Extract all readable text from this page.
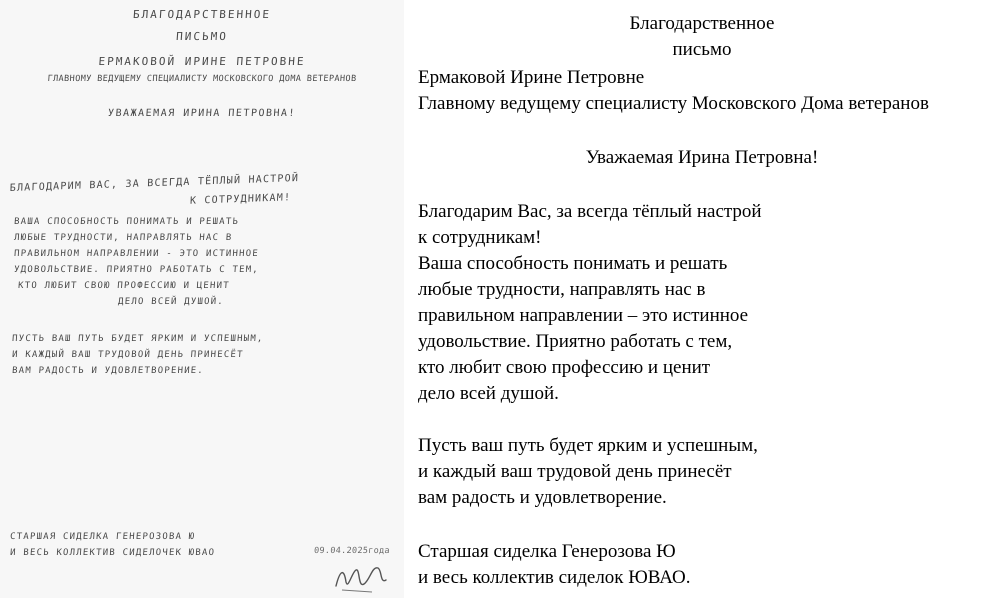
БЛАГОДАРСТВЕННОЕ
ПИСЬМО
ЕРМАКОВОЙ ИРИНЕ ПЕТРОВНЕ
ГЛАВНОМУ ВЕДУЩЕМУ СПЕЦИАЛИСТУ МОСКОВСКОГО ДОМА ВЕТЕРАНОВ
УВАЖАЕМАЯ ИРИНА ПЕТРОВНА!
БЛАГОДАРИМ ВАС, ЗА ВСЕГДА ТЁПЛЫЙ НАСТРОЙ
К СОТРУДНИКАМ!
ВАША СПОСОБНОСТЬ ПОНИМАТЬ И РЕШАТЬ
ЛЮБЫЕ ТРУДНОСТИ, НАПРАВЛЯТЬ НАС В
ПРАВИЛЬНОМ НАПРАВЛЕНИИ - ЭТО ИСТИННОЕ
УДОВОЛЬСТВИЕ. ПРИЯТНО РАБОТАТЬ С ТЕМ,
КТО ЛЮБИТ СВОЮ ПРОФЕССИЮ И ЦЕНИТ
ДЕЛО ВСЕЙ ДУШОЙ.
ПУСТЬ ВАШ ПУТЬ БУДЕТ ЯРКИМ И УСПЕШНЫМ,
И КАЖДЫЙ ВАШ ТРУДОВОЙ ДЕНЬ ПРИНЕСЁТ
ВАМ РАДОСТЬ И УДОВЛЕТВОРЕНИЕ.
СТАРШАЯ СИДЕЛКА ГЕНЕРОЗОВА Ю
И ВЕСЬ КОЛЛЕКТИВ СИДЕЛОЧЕК ЮВАО	09.04.2025года
Благодарственное
письмо
Ермаковой Ирине Петровне
Главному ведущему специалисту Московского Дома ветеранов
Уважаемая Ирина Петровна!
Благодарим Вас, за всегда тёплый настрой
к сотрудникам!
Ваша способность понимать и решать
любые трудности, направлять нас в
правильном направлении – это истинное
удовольствие. Приятно работать с тем,
кто любит свою профессию и ценит
дело всей душой.
Пусть ваш путь будет ярким и успешным,
и каждый ваш трудовой день принесёт
вам радость и удовлетворение.
Старшая сиделка Генерозова Ю
и весь коллектив сиделок ЮВАО.
